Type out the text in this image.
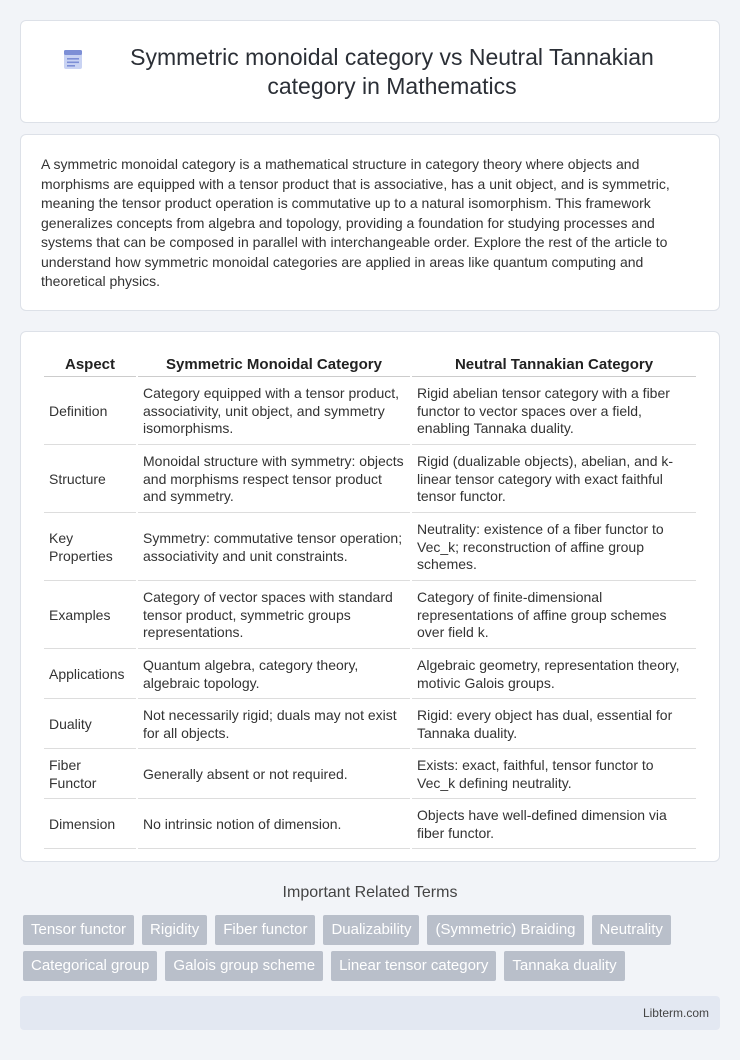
Symmetric monoidal category vs Neutral Tannakian category in Mathematics

A symmetric monoidal category is a mathematical structure in category theory where objects and morphisms are equipped with a tensor product that is associative, has a unit object, and is symmetric, meaning the tensor product operation is commutative up to a natural isomorphism. This framework generalizes concepts from algebra and topology, providing a foundation for studying processes and systems that can be composed in parallel with interchangeable order. Explore the rest of the article to understand how symmetric monoidal categories are applied in areas like quantum computing and theoretical physics.

Aspect	Symmetric Monoidal Category	Neutral Tannakian Category
Definition	Category equipped with a tensor product, associativity, unit object, and symmetry isomorphisms.	Rigid abelian tensor category with a fiber functor to vector spaces over a field, enabling Tannaka duality.
Structure	Monoidal structure with symmetry: objects and morphisms respect tensor product and symmetry.	Rigid (dualizable objects), abelian, and k-linear tensor category with exact faithful tensor functor.
Key Properties	Symmetry: commutative tensor operation; associativity and unit constraints.	Neutrality: existence of a fiber functor to Vec_k; reconstruction of affine group schemes.
Examples	Category of vector spaces with standard tensor product, symmetric groups representations.	Category of finite-dimensional representations of affine group schemes over field k.
Applications	Quantum algebra, category theory, algebraic topology.	Algebraic geometry, representation theory, motivic Galois groups.
Duality	Not necessarily rigid; duals may not exist for all objects.	Rigid: every object has dual, essential for Tannaka duality.
Fiber Functor	Generally absent or not required.	Exists: exact, faithful, tensor functor to Vec_k defining neutrality.
Dimension	No intrinsic notion of dimension.	Objects have well-defined dimension via fiber functor.
Important Related Terms
Tensor functor	Rigidity	Fiber functor	Dualizability	(Symmetric) Braiding	Neutrality
Categorical group	Galois group scheme	Linear tensor category	Tannaka duality
Libterm.com
